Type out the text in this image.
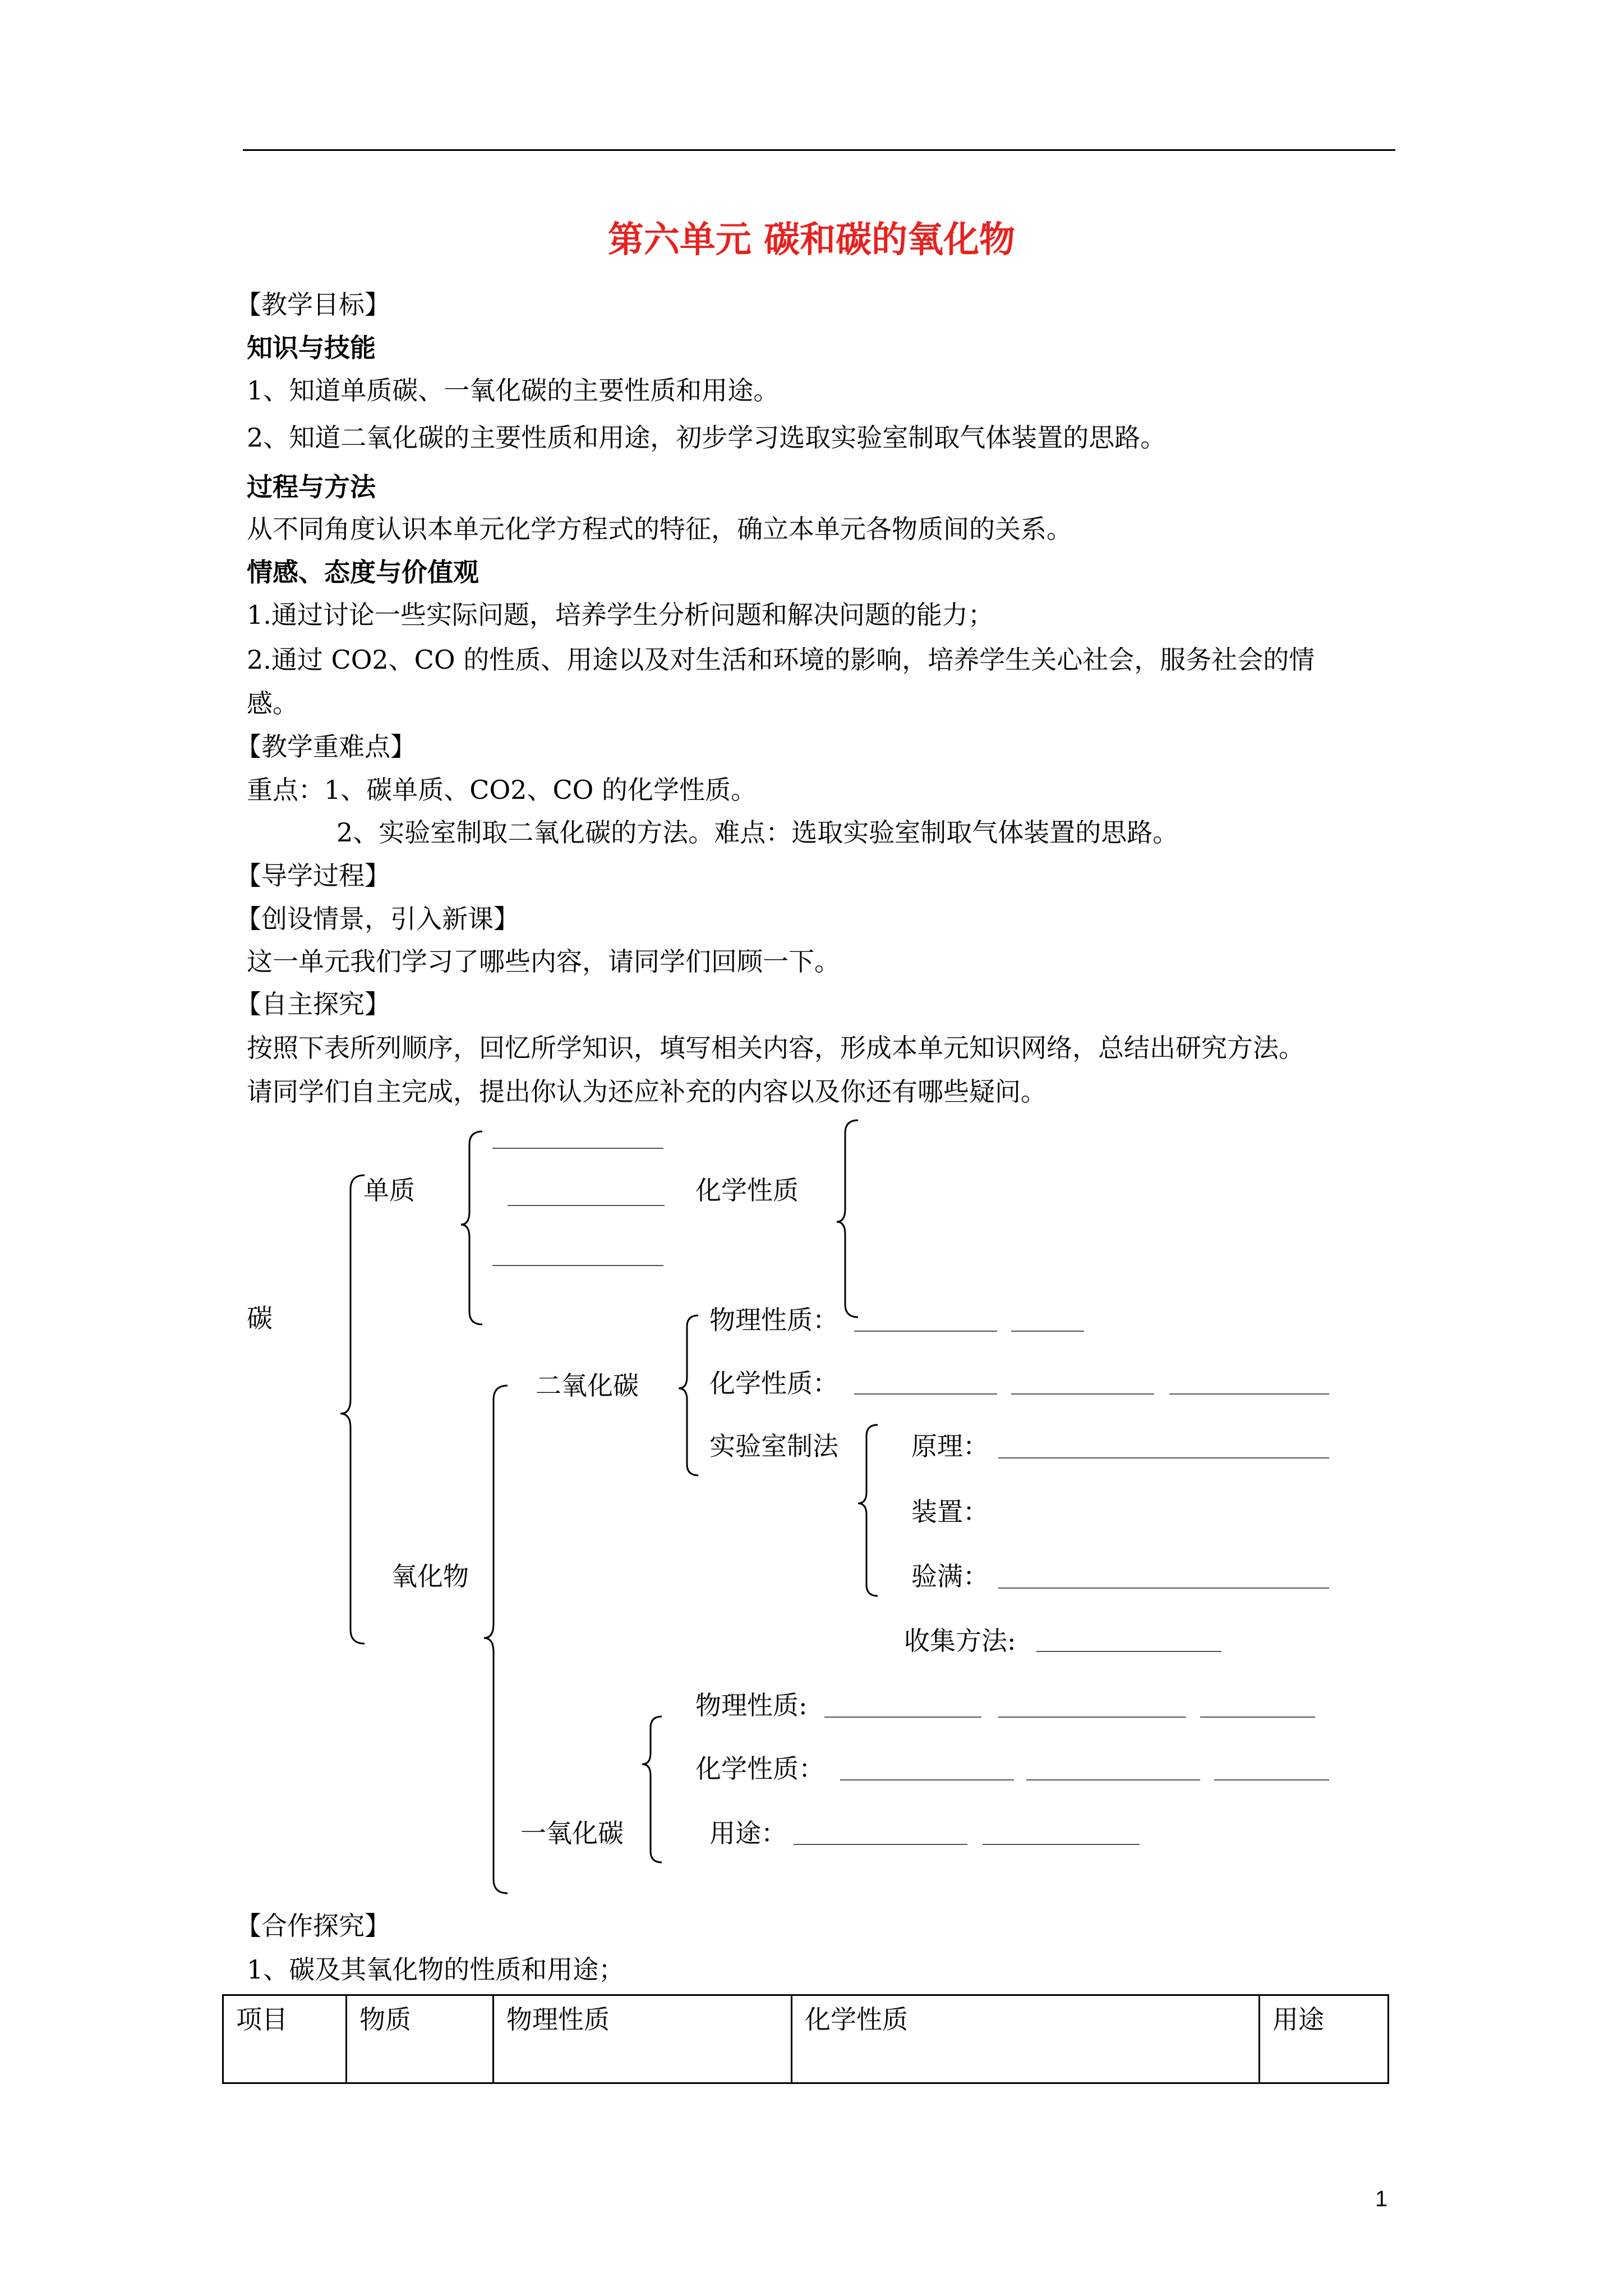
第六单元 碳和碳的氧化物
【教学目标】
知识与技能
1、知道单质碳、一氧化碳的主要性质和用途。
2、知道二氧化碳的主要性质和用途，初步学习选取实验室制取气体装置的思路。
过程与方法
从不同角度认识本单元化学方程式的特征，确立本单元各物质间的关系。
情感、态度与价值观
1.通过讨论一些实际问题，培养学生分析问题和解决问题的能力；
2.通过 CO2、CO 的性质、用途以及对生活和环境的影响，培养学生关心社会，服务社会的情
感。
【教学重难点】
重点：1、碳单质、CO2、CO 的化学性质。
2、实验室制取二氧化碳的方法。难点：选取实验室制取气体装置的思路。
【导学过程】
【创设情景，引入新课】
这一单元我们学习了哪些内容，请同学们回顾一下。
【自主探究】
按照下表所列顺序，回忆所学知识，填写相关内容，形成本单元知识网络，总结出研究方法。
请同学们自主完成，提出你认为还应补充的内容以及你还有哪些疑问。
碳
单质	化学性质
氧化物
二氧化碳
物理性质：
化学性质：
实验室制法	原理：
装置：
验满：
收集方法:
一氧化碳
物理性质:
化学性质：
用途：
【合作探究】
1、碳及其氧化物的性质和用途；
项目	物质	物理性质	化学性质	用途
1
